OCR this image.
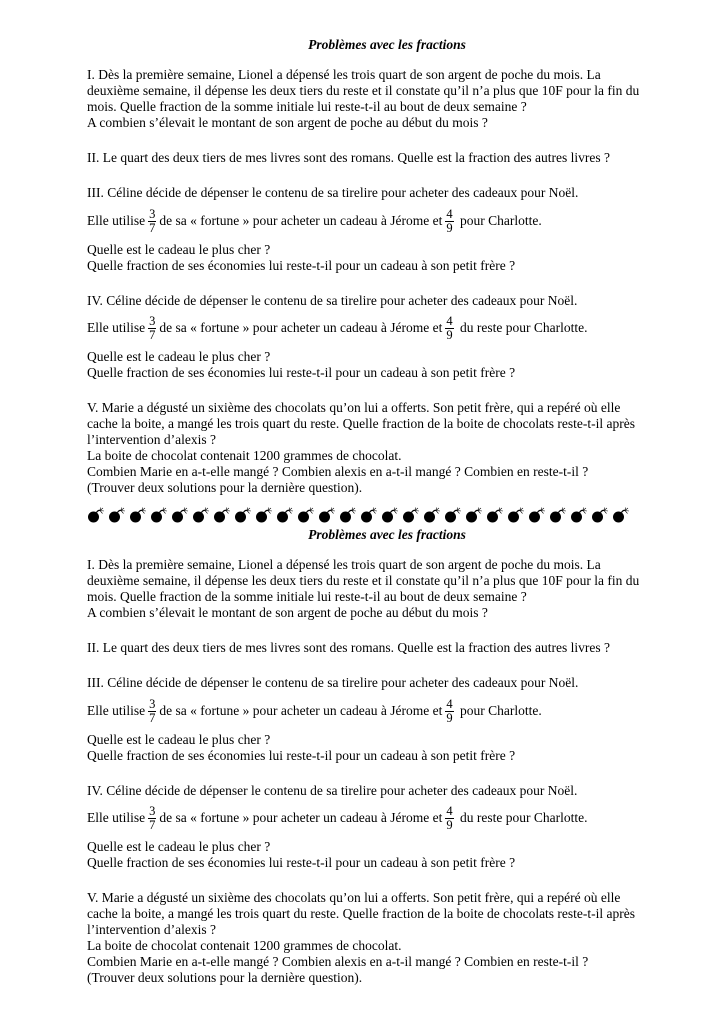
Problèmes avec les fractions
I. Dès la première semaine, Lionel a dépensé les trois quart de son argent de poche du mois. La
deuxième semaine, il dépense les deux tiers du reste et il constate qu’il n’a plus que 10F pour la fin du
mois. Quelle fraction de la somme initiale lui reste-t-il au bout de deux semaine ?
A combien s’élevait le montant de son argent de poche au début du mois ?
II. Le quart des deux tiers de mes livres sont des romans. Quelle est la fraction des autres livres ?
III. Céline décide de dépenser le contenu de sa tirelire pour acheter des cadeaux pour Noël.
Elle utilise $\frac{3}{7}$ de sa « fortune » pour acheter un cadeau à Jérome et $\frac{4}{9}$ pour Charlotte.
Quelle est le cadeau le plus cher ?
Quelle fraction de ses économies lui reste-t-il pour un cadeau à son petit frère ?
IV. Céline décide de dépenser le contenu de sa tirelire pour acheter des cadeaux pour Noël.
Elle utilise $\frac{3}{7}$ de sa « fortune » pour acheter un cadeau à Jérome et $\frac{4}{9}$ du reste pour Charlotte.
Quelle est le cadeau le plus cher ?
Quelle fraction de ses économies lui reste-t-il pour un cadeau à son petit frère ?
V. Marie a dégusté un sixième des chocolats qu’on lui a offerts. Son petit frère, qui a repéré où elle
cache la boite, a mangé les trois quart du reste. Quelle fraction de la boite de chocolats reste-t-il après
l’intervention d’alexis ?
La boite de chocolat contenait 1200 grammes de chocolat.
Combien Marie en a-t-elle mangé ? Combien alexis en a-t-il mangé ? Combien en reste-t-il ?
(Trouver deux solutions pour la dernière question).
Problèmes avec les fractions
I. Dès la première semaine, Lionel a dépensé les trois quart de son argent de poche du mois. La
deuxième semaine, il dépense les deux tiers du reste et il constate qu’il n’a plus que 10F pour la fin du
mois. Quelle fraction de la somme initiale lui reste-t-il au bout de deux semaine ?
A combien s’élevait le montant de son argent de poche au début du mois ?
II. Le quart des deux tiers de mes livres sont des romans. Quelle est la fraction des autres livres ?
III. Céline décide de dépenser le contenu de sa tirelire pour acheter des cadeaux pour Noël.
Elle utilise $\frac{3}{7}$ de sa « fortune » pour acheter un cadeau à Jérome et $\frac{4}{9}$ pour Charlotte.
Quelle est le cadeau le plus cher ?
Quelle fraction de ses économies lui reste-t-il pour un cadeau à son petit frère ?
IV. Céline décide de dépenser le contenu de sa tirelire pour acheter des cadeaux pour Noël.
Elle utilise $\frac{3}{7}$ de sa « fortune » pour acheter un cadeau à Jérome et $\frac{4}{9}$ du reste pour Charlotte.
Quelle est le cadeau le plus cher ?
Quelle fraction de ses économies lui reste-t-il pour un cadeau à son petit frère ?
V. Marie a dégusté un sixième des chocolats qu’on lui a offerts. Son petit frère, qui a repéré où elle
cache la boite, a mangé les trois quart du reste. Quelle fraction de la boite de chocolats reste-t-il après
l’intervention d’alexis ?
La boite de chocolat contenait 1200 grammes de chocolat.
Combien Marie en a-t-elle mangé ? Combien alexis en a-t-il mangé ? Combien en reste-t-il ?
(Trouver deux solutions pour la dernière question).
